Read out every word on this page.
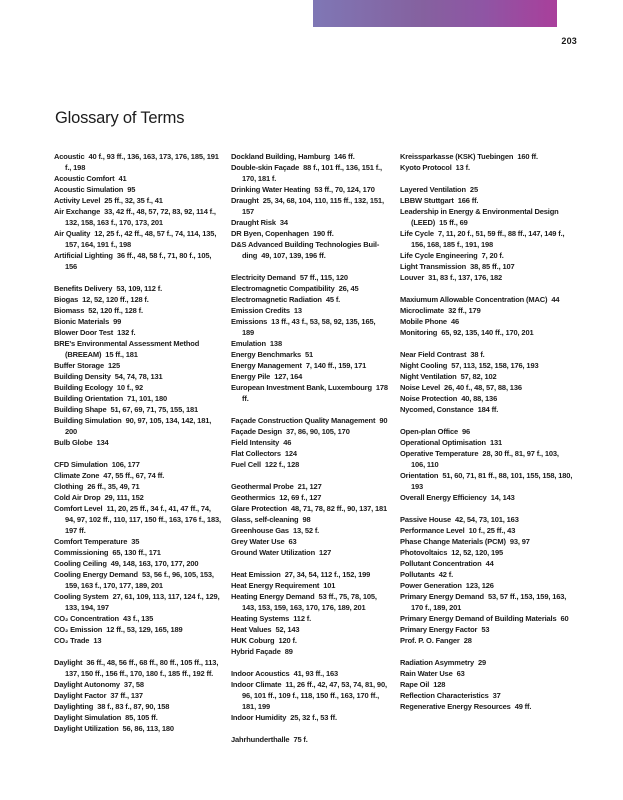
203
Glossary of Terms
Acoustic 40 f., 93 ff., 136, 163, 173, 176, 185, 191 f., 198
Acoustic Comfort 41
Acoustic Simulation 95
Activity Level 25 ff., 32, 35 f., 41
Air Exchange 33, 42 ff., 48, 57, 72, 83, 92, 114 f., 132, 158, 163 f., 170, 173, 201
Air Quality 12, 25 f., 42 ff., 48, 57 f., 74, 114, 135, 157, 164, 191 f., 198
Artificial Lighting 36 ff., 48, 58 f., 71, 80 f., 105, 156
Benefits Delivery 53, 109, 112 f.
Biogas 12, 52, 120 ff., 128 f.
Biomass 52, 120 ff., 128 f.
Bionic Materials 99
Blower Door Test 132 f.
BRE's Environmental Assessment Method (BREEAM) 15 ff., 181
Buffer Storage 125
Building Density 54, 74, 78, 131
Building Ecology 10 f., 92
Building Orientation 71, 101, 180
Building Shape 51, 67, 69, 71, 75, 155, 181
Building Simulation 90, 97, 105, 134, 142, 181, 200
Bulb Globe 134
CFD Simulation 106, 177
Climate Zone 47, 55 ff., 67, 74 ff.
Clothing 26 ff., 35, 49, 71
Cold Air Drop 29, 111, 152
Comfort Level 11, 20, 25 ff., 34 f., 41, 47 ff., 74, 94, 97, 102 ff., 110, 117, 150 ff., 163, 176 f., 183, 197 ff.
Comfort Temperature 35
Commissioning 65, 130 ff., 171
Cooling Ceiling 49, 148, 163, 170, 177, 200
Cooling Energy Demand 53, 56 f., 96, 105, 153, 159, 163 f., 170, 177, 189, 201
Cooling System 27, 61, 109, 113, 117, 124 f., 129, 133, 194, 197
CO₂ Concentration 43 f., 135
CO₂ Emission 12 ff., 53, 129, 165, 189
CO₂ Trade 13
Daylight 36 ff., 48, 56 ff., 68 ff., 80 ff., 105 ff., 113, 137, 150 ff., 156 ff., 170, 180 f., 185 ff., 192 ff.
Daylight Autonomy 37, 58
Daylight Factor 37 ff., 137
Daylighting 38 f., 83 f., 87, 90, 158
Daylight Simulation 85, 105 ff.
Daylight Utilization 56, 86, 113, 180
Dockland Building, Hamburg 146 ff.
Double-skin Façade 88 f., 101 ff., 136, 151 f., 170, 181 f.
Drinking Water Heating 53 ff., 70, 124, 170
Draught 25, 34, 68, 104, 110, 115 ff., 132, 151, 157
Draught Risk 34
DR Byen, Copenhagen 190 ff.
D&S Advanced Building Technologies Buil-ding 49, 107, 139, 196 ff.
Electricity Demand 57 ff., 115, 120
Electromagnetic Compatibility 26, 45
Electromagnetic Radiation 45 f.
Emission Credits 13
Emissions 13 ff., 43 f., 53, 58, 92, 135, 165, 189
Emulation 138
Energy Benchmarks 51
Energy Management 7, 140 ff., 159, 171
Energy Pile 127, 164
European Investment Bank, Luxembourg 178 ff.
Façade Construction Quality Management 90
Façade Design 37, 86, 90, 105, 170
Field Intensity 46
Flat Collectors 124
Fuel Cell 122 f., 128
Geothermal Probe 21, 127
Geothermics 12, 69 f., 127
Glare Protection 48, 71, 78, 82 ff., 90, 137, 181
Glass, self-cleaning 98
Greenhouse Gas 13, 52 f.
Grey Water Use 63
Ground Water Utilization 127
Heat Emission 27, 34, 54, 112 f., 152, 199
Heat Energy Requirement 101
Heating Energy Demand 53 ff., 75, 78, 105, 143, 153, 159, 163, 170, 176, 189, 201
Heating Systems 112 f.
Heat Values 52, 143
HUK Coburg 120 f.
Hybrid Façade 89
Indoor Acoustics 41, 93 ff., 163
Indoor Climate 11, 26 ff., 42, 47, 53, 74, 81, 90, 96, 101 ff., 109 f., 118, 150 ff., 163, 170 ff., 181, 199
Indoor Humidity 25, 32 f., 53 ff.
Jahrhunderthalle 75 f.
Kreissparkasse (KSK) Tuebingen 160 ff.
Kyoto Protocol 13 f.
Layered Ventilation 25
LBBW Stuttgart 166 ff.
Leadership in Energy & Environmental Design (LEED) 15 ff., 69
Life Cycle 7, 11, 20 f., 51, 59 ff., 88 ff., 147, 149 f., 156, 168, 185 f., 191, 198
Life Cycle Engineering 7, 20 f.
Light Transmission 38, 85 ff., 107
Louver 31, 83 f., 137, 176, 182
Maxiumum Allowable Concentration (MAC) 44
Microclimate 32 ff., 179
Mobile Phone 46
Monitoring 65, 92, 135, 140 ff., 170, 201
Near Field Contrast 38 f.
Night Cooling 57, 113, 152, 158, 176, 193
Night Ventilation 57, 82, 102
Noise Level 26, 40 f., 48, 57, 88, 136
Noise Protection 40, 88, 136
Nycomed, Constance 184 ff.
Open-plan Office 96
Operational Optimisation 131
Operative Temperature 28, 30 ff., 81, 97 f., 103, 106, 110
Orientation 51, 60, 71, 81 ff., 88, 101, 155, 158, 180, 193
Overall Energy Efficiency 14, 143
Passive House 42, 54, 73, 101, 163
Performance Level 10 f., 25 ff., 43
Phase Change Materials (PCM) 93, 97
Photovoltaics 12, 52, 120, 195
Pollutant Concentration 44
Pollutants 42 f.
Power Generation 123, 126
Primary Energy Demand 53, 57 ff., 153, 159, 163, 170 f., 189, 201
Primary Energy Demand of Building Materials 60
Primary Energy Factor 53
Prof. P. O. Fanger 28
Radiation Asymmetry 29
Rain Water Use 63
Rape Oil 128
Reflection Characteristics 37
Regenerative Energy Resources 49 ff.
